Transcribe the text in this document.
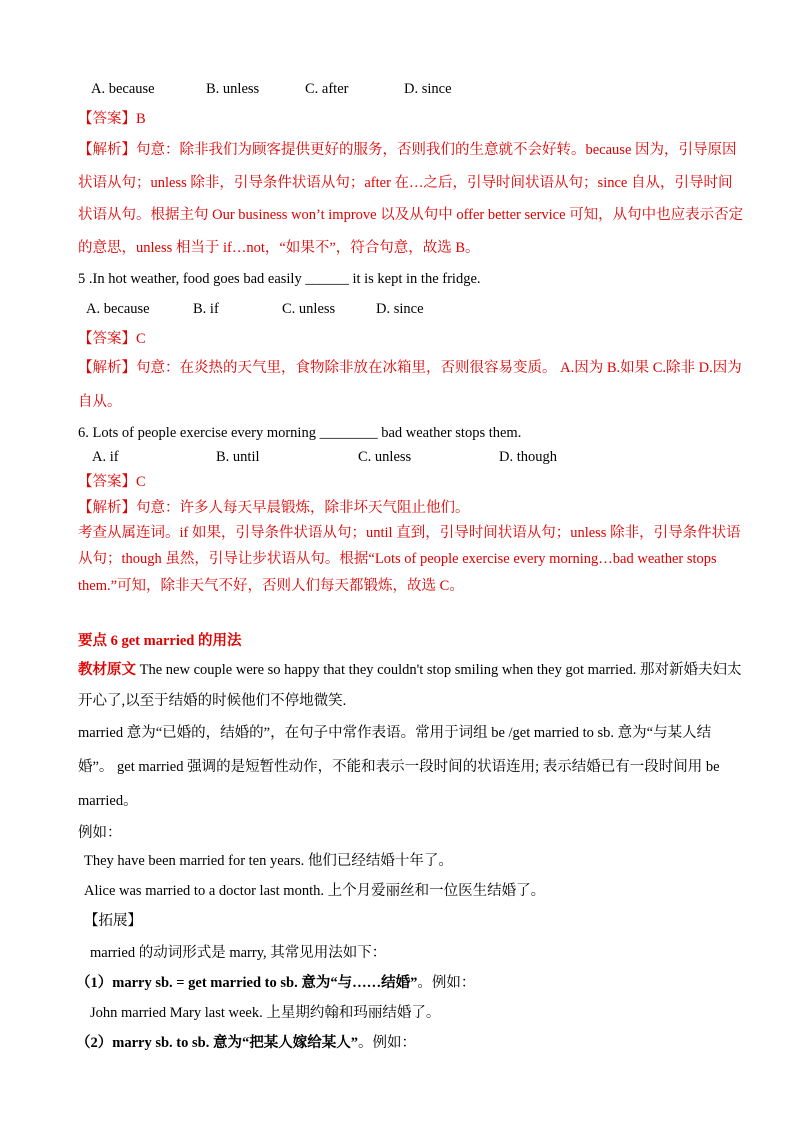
A. because	B. unless	C. after	D. since
【答案】B
【解析】句意：除非我们为顾客提供更好的服务，否则我们的生意就不会好转。because 因为，引导原因
状语从句；unless 除非，引导条件状语从句；after 在…之后，引导时间状语从句；since 自从，引导时间
状语从句。根据主句 Our business won’t improve 以及从句中 offer better service 可知，从句中也应表示否定
的意思，unless 相当于 if…not，“如果不”，符合句意，故选 B。
5 .In hot weather, food goes bad easily ______ it is kept in the fridge.
A. because	B. if	C. unless	D. since
【答案】C
【解析】句意：在炎热的天气里，食物除非放在冰箱里，否则很容易变质。 A.因为 B.如果 C.除非 D.因为
自从。
6. Lots of people exercise every morning ________ bad weather stops them.
A. if	B. until	C. unless	D. though
【答案】C
【解析】句意：许多人每天早晨锻炼，除非坏天气阻止他们。
考查从属连词。if 如果，引导条件状语从句；until 直到，引导时间状语从句；unless 除非，引导条件状语
从句；though 虽然，引导让步状语从句。根据“Lots of people exercise every morning…bad weather stops
them.”可知，除非天气不好，否则人们每天都锻炼，故选 C。
要点 6 get married 的用法
教材原文 The new couple were so happy that they couldn't stop smiling when they got married. 那对新婚夫妇太
开心了,以至于结婚的时候他们不停地微笑.
married 意为“已婚的，结婚的”，在句子中常作表语。常用于词组 be /get married to sb. 意为“与某人结
婚”。 get married 强调的是短暂性动作，不能和表示一段时间的状语连用; 表示结婚已有一段时间用 be
married。
例如：
They have been married for ten years. 他们已经结婚十年了。
Alice was married to a doctor last month. 上个月爱丽丝和一位医生结婚了。
【拓展】
married 的动词形式是 marry, 其常见用法如下：
（1）marry sb. = get married to sb. 意为“与……结婚”。例如：
John married Mary last week. 上星期约翰和玛丽结婚了。
（2）marry sb. to sb. 意为“把某人嫁给某人”。例如：
